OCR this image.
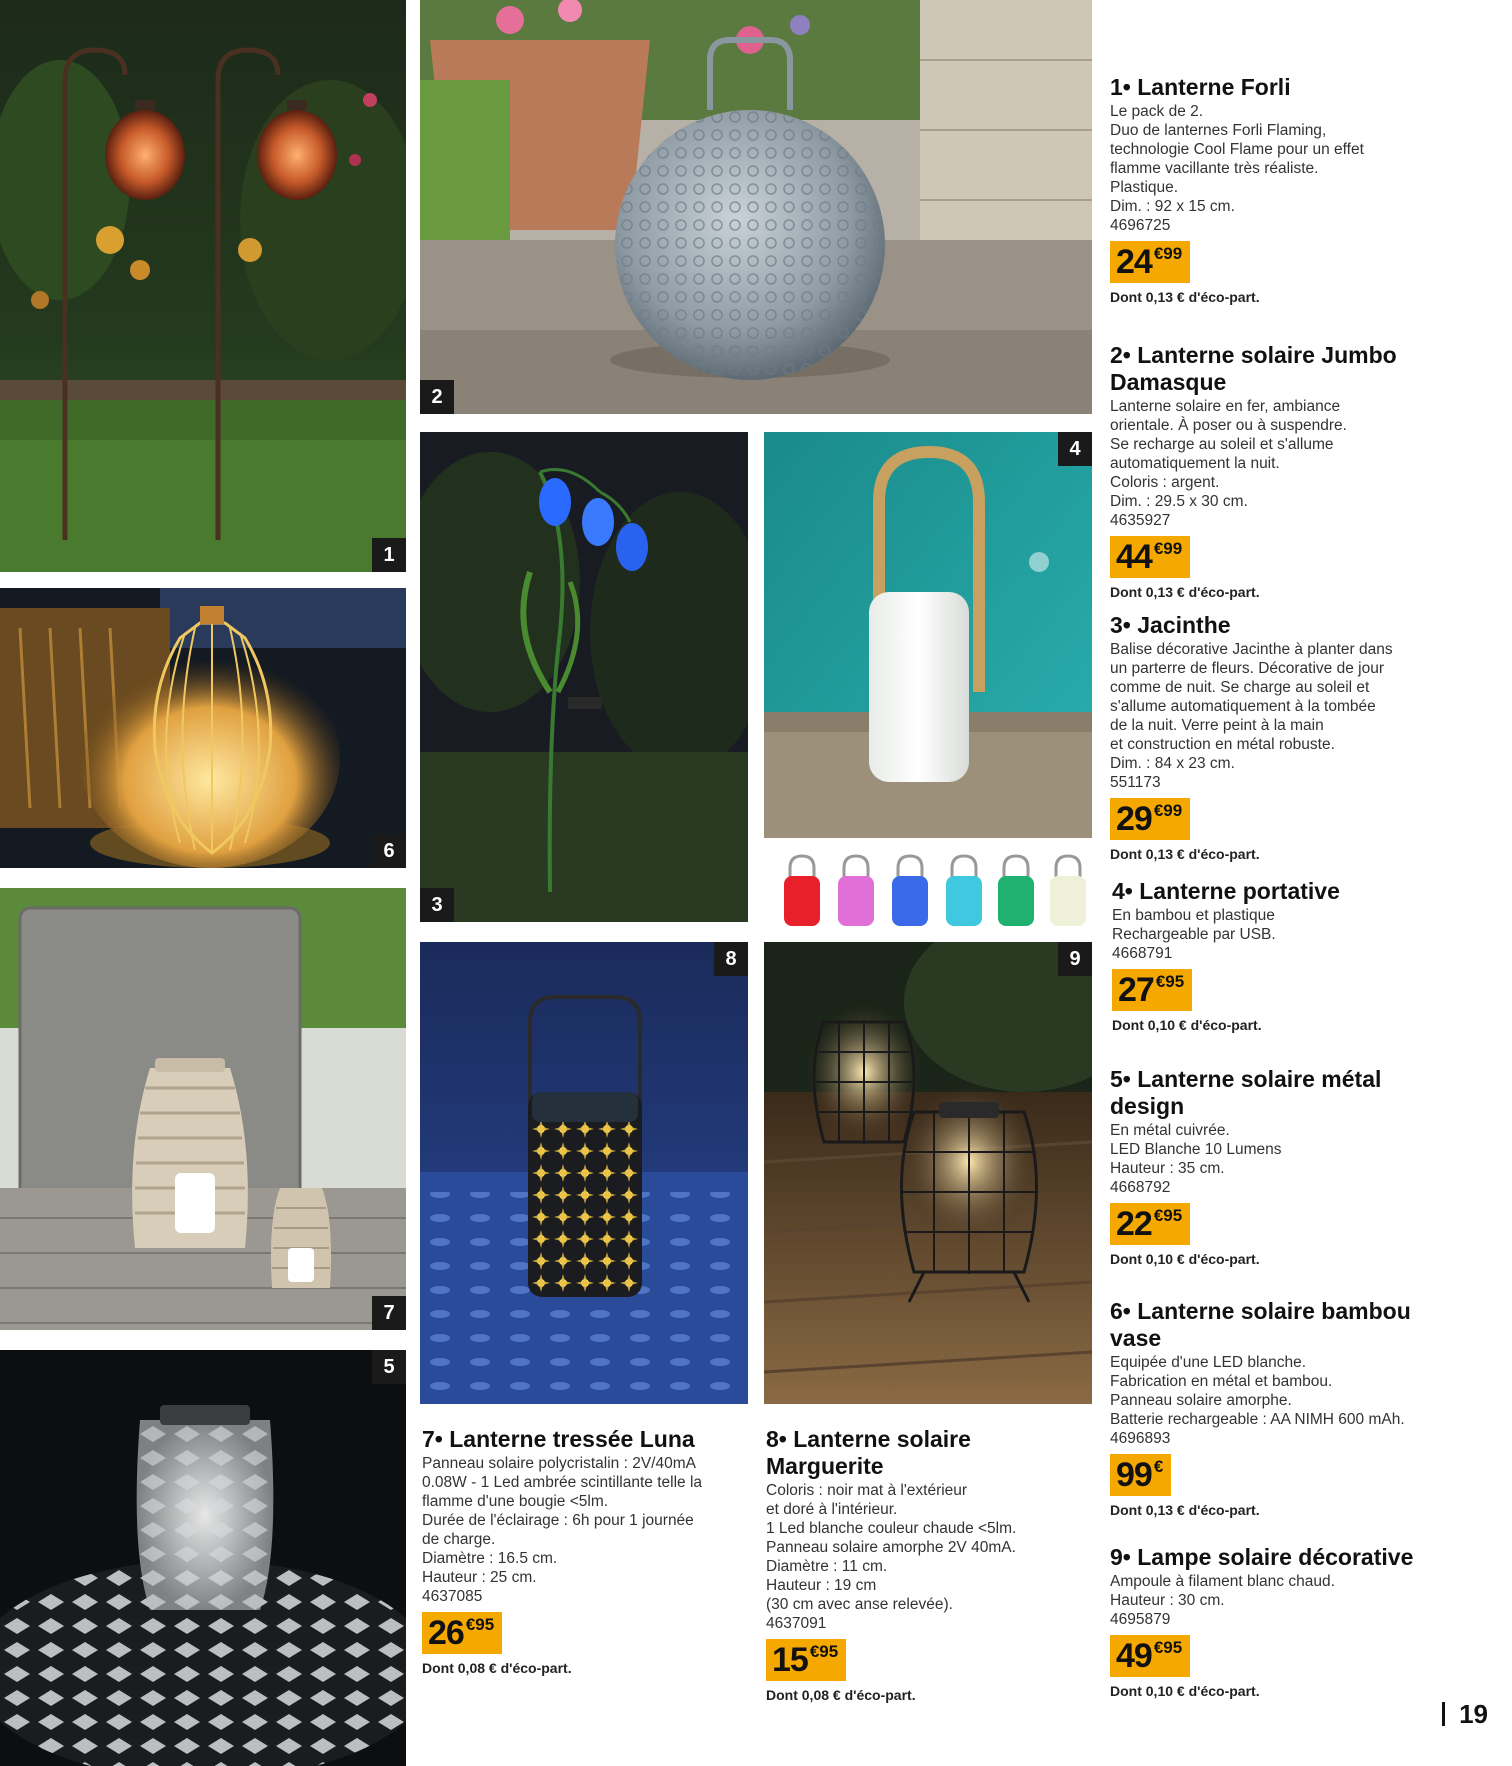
1
2
3
4
5
6
7
8	9
1• Lanterne Forli
Le pack de 2.
Duo de lanternes Forli Flaming,
technologie Cool Flame pour un effet
flamme vacillante très réaliste.
Plastique.
Dim. : 92 x 15 cm.
4696725
24 €99
Dont 0,13 € d'éco-part.
2• Lanterne solaire Jumbo
Damasque
Lanterne solaire en fer, ambiance
orientale. À poser ou à suspendre.
Se recharge au soleil et s'allume
automatiquement la nuit.
Coloris : argent.
Dim. : 29.5 x 30 cm.
4635927
44 €99
Dont 0,13 € d'éco-part.
3• Jacinthe
Balise décorative Jacinthe à planter dans
un parterre de fleurs. Décorative de jour
comme de nuit. Se charge au soleil et
s'allume automatiquement à la tombée
de la nuit. Verre peint à la main
et construction en métal robuste.
Dim. : 84 x 23 cm.
551173
29 €99
Dont 0,13 € d'éco-part.
4• Lanterne portative
En bambou et plastique
Rechargeable par USB.
4668791
27 €95
Dont 0,10 € d'éco-part.
5• Lanterne solaire métal
design
En métal cuivrée.
LED Blanche 10 Lumens
Hauteur : 35 cm.
4668792
22 €95
Dont 0,10 € d'éco-part.
6• Lanterne solaire bambou
vase
Equipée d'une LED blanche.
Fabrication en métal et bambou.
Panneau solaire amorphe.
Batterie rechargeable : AA NIMH 600 mAh.
4696893
99 €
Dont 0,13 € d'éco-part.
7• Lanterne tressée Luna
Panneau solaire polycristalin : 2V/40mA
0.08W - 1 Led ambrée scintillante telle la
flamme d'une bougie <5lm.
Durée de l'éclairage : 6h pour 1 journée
de charge.
Diamètre : 16.5 cm.
Hauteur : 25 cm.
4637085
26 €95
Dont 0,08 € d'éco-part.
8• Lanterne solaire
Marguerite
Coloris : noir mat à l'extérieur
et doré à l'intérieur.
1 Led blanche couleur chaude <5lm.
Panneau solaire amorphe 2V 40mA.
Diamètre : 11 cm.
Hauteur : 19 cm
(30 cm avec anse relevée).
4637091
15 €95
Dont 0,08 € d'éco-part.
9• Lampe solaire décorative
Ampoule à filament blanc chaud.
Hauteur : 30 cm.
4695879
49 €95
Dont 0,10 € d'éco-part.
19
